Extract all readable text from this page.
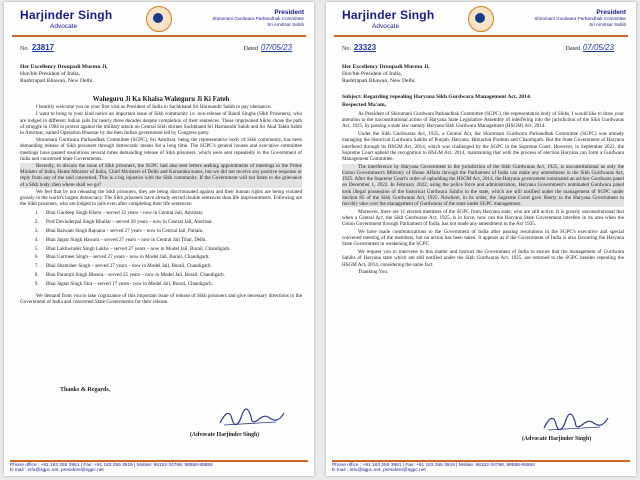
Harjinder Singh
Advocate
President
Shiromani Gurdwara Parbandhak Committee
Sri Amritsar Sahib
No. 23817	Dated 07/05/23
Her Excellency Droupadi Murmu Ji,
Hon'ble President of India,
Rashtrapati Bhawan, New Delhi.

Waheguru Ji Ka Khalsa Waheguru Ji Ki Fateh

I heartily welcome you on your first visit as President of India to Sachkhand Sri Harmandir Sahib to pay obeisance.

I want to bring to your kind notice an important issue of Sikh community i.e. non-release of Bandi Singhs (Sikh Prisoners), who are lodged in different Indian jails for nearly three decades despite completion of their sentences. These imprisoned Sikhs chose the path of struggle in 1984 in protest against the military attack on Central Sikh shrines Sachkhand Sri Harmandir Sahib and Sri Akal Takht Sahib in Amritsar, named Operation Bluestar by the then Indian government led by Congress party.

Shiromani Gurdwara Parbandhak Committee (SGPC), Sri Amritsar, being the representative body of Sikh community, has been demanding release of Sikh prisoners through democratic means for a long time. The SGPC's general houses and executive committee meetings have passed resolutions several times demanding release of Sikh prisoners, which were sent repeatedly to the Government of India and concerned State Governments.

Recently, to discuss the issue of Sikh prisoners, the SGPC had also sent letters seeking appointments of meetings to the Prime Minister of India, Home Minister of India, Chief Ministers of Delhi and Karnataka states, but we did not receive any positive response or reply from any of the said concerned. This is a big injustice with the Sikh community. If the Government will not listen to the grievance of a Sikh body, then where shall we go?

We feel that by not releasing the Sikh prisoners, they are being discriminated against and their human rights are being violated grossly in the world's largest democracy. The Sikh prisoners have already served double sentences than life imprisonments. Following are the Sikh prisoners, who are lodged in jails even after completing their life sentences:

1. Bhai Gurdeep Singh Khera – served 32 years – now in Central Jail, Amritsar.
2. Prof Devinderpal Singh Bhullar – served 28 years – now in Central Jail, Amritsar.
3. Bhai Balwant Singh Rajoana – served 27 years – now in Central Jail, Patiala.
4. Bhai Jagtar Singh Hawara – served 27 years – now in Central Jail Tihar, Delhi.
5. Bhai Lakhwinder Singh Lakha – served 27 years – now in Model Jail, Burail, Chandigarh.
6. Bhai Gurmeet Singh – served 27 years – now in Model Jail, Burail, Chandigarh.
7. Bhai Shamsher Singh – served 27 years – now in Model Jail, Burail, Chandigarh.
8. Bhai Paramjit Singh Bheora – served 25 years – now in Model Jail, Burail, Chandigarh.
9. Bhai Jagtar Singh Tara – served 17 years– now in Model Jail, Burail, Chandigarh.

We demand from you to take cognizance of this important issue of release of Sikh prisoners and give necessary directions to the Government of India and concerned State Governments for their release.

Thanks & Regards,
(Advocate Harjinder Singh)
Phone office : +91 183 255 3951 | Fax: +91 183 255 3919 | Mobile: 98152-34768, 98558-95558
E-mail : info@sgpc.net, president@sgpc.net
Harjinder Singh
Advocate
President
Shiromani Gurdwara Parbandhak Committee
Sri Amritsar Sahib
No. 23323	Dated 07/05/23
Her Excellency Droupadi Murmu Ji,
Hon'ble President of India,
Rashtrapati Bhawan, New Delhi.

Subject: Regarding repealing Haryana Sikh Gurdwara Management Act, 2014.

Respected Ma'am,

As President of Shiromani Gurdwara Parbandhak Committee (SGPC), the representative body of Sikhs, I would like to draw your attention to the unconstitutional action of Haryana State Legislative Assembly of interfering into the jurisdiction of the Sikh Gurdwaras Act, 1925, by passing a state law namely Haryana Sikh Gurdwara Management (HSGM) Act, 2014.

Under the Sikh Gurdwaras Act, 1925, a Central Act, the Shiromani Gurdwara Parbandhak Committee (SGPC) was already managing the historical Gurdwara Sahibs of Punjab, Haryana, Himachal Pradesh and Chandigarh. But the State Government of Haryana interfered through its HSGM Act, 2014, which was challenged by the SGPC in the Supreme Court. However, in September 2022, the Supreme Court upheld the recognition to HSGM Act, 2014, maintaining that with the process of election Haryana can form a Gurdwara Management Committee.

The interference by Haryana Government in the jurisdiction of the Sikh Gurdwaras Act, 1925, is unconstitutional as only the Union Government's Ministry of Home Affairs through the Parliament of India can make any amendment in the Sikh Gurdwaras Act, 1925. After the Supreme Court's order of upholding the HSGM Act, 2014, the Haryana government nominated an ad-hoc Gurdwara panel on December 1, 2022. In February 2022, using the police force and administration, Haryana Government's nominated Gurdwara panel took illegal possession of the historical Gurdwara Sahibs in the state, which are still notified under the management of SGPC under Section 85 of the Sikh Gurdwaras Act, 1925. Nowhere, in its order, the Supreme Court gave liberty to the Haryana Government to forcibly take over the management of Gurdwaras of the state under SGPC management.

Moreover, there are 11 elected members of the SGPC from Haryana state, who are still active. It is grossly unconstitutional that when a Central Act, the Sikh Gurdwaras Act, 1925, is in force, how can the Haryana State Government interfere in its area when the Union Government through Parliament of India, has not made any amendment in the Act 1925.

We have made communications to the Government of India after passing resolutions in the SGPC's executive and special convened meeting of the members, but no action has been taken. It appears as if the Government of India is also favouring the Haryana State Government in weakening the SGPC.

We request you to intervene in this matter and instruct the Government of India to ensure that the management of Gurdwara Sahibs of Haryana state which are still notified under the Sikh Gurdwaras Act, 1925, are returned to the SGPC besides repealing the HSGM Act, 2014, considering the same fact.

Thanking You.

(Advocate Harjinder Singh)
Phone office : +91 183 255 3951 | Fax: +91 183 255 3919 | Mobile: 98152-34768, 98558-95558
E-mail : info@sgpc.net, president@sgpc.net
